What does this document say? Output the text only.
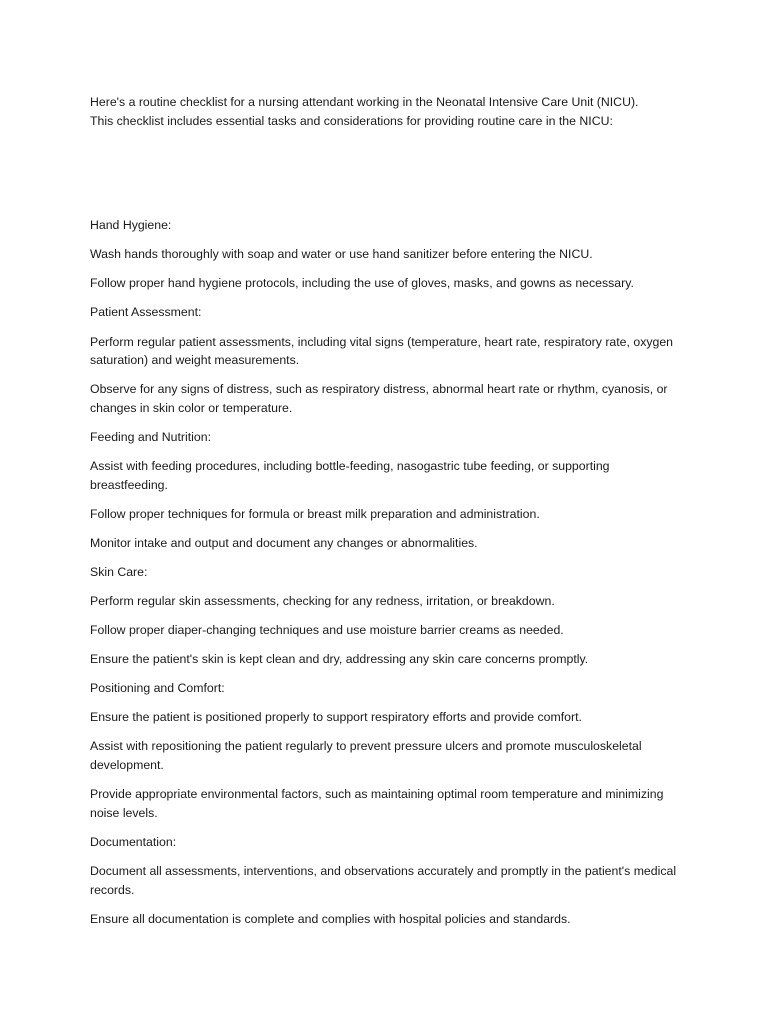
Here's a routine checklist for a nursing attendant working in the Neonatal Intensive Care Unit (NICU).
This checklist includes essential tasks and considerations for providing routine care in the NICU:

Hand Hygiene:

Wash hands thoroughly with soap and water or use hand sanitizer before entering the NICU.

Follow proper hand hygiene protocols, including the use of gloves, masks, and gowns as necessary.

Patient Assessment:

Perform regular patient assessments, including vital signs (temperature, heart rate, respiratory rate, oxygen saturation) and weight measurements.

Observe for any signs of distress, such as respiratory distress, abnormal heart rate or rhythm, cyanosis, or changes in skin color or temperature.

Feeding and Nutrition:

Assist with feeding procedures, including bottle-feeding, nasogastric tube feeding, or supporting breastfeeding.

Follow proper techniques for formula or breast milk preparation and administration.

Monitor intake and output and document any changes or abnormalities.

Skin Care:

Perform regular skin assessments, checking for any redness, irritation, or breakdown.

Follow proper diaper-changing techniques and use moisture barrier creams as needed.

Ensure the patient's skin is kept clean and dry, addressing any skin care concerns promptly.

Positioning and Comfort:

Ensure the patient is positioned properly to support respiratory efforts and provide comfort.

Assist with repositioning the patient regularly to prevent pressure ulcers and promote musculoskeletal development.

Provide appropriate environmental factors, such as maintaining optimal room temperature and minimizing noise levels.

Documentation:

Document all assessments, interventions, and observations accurately and promptly in the patient's medical records.

Ensure all documentation is complete and complies with hospital policies and standards.
